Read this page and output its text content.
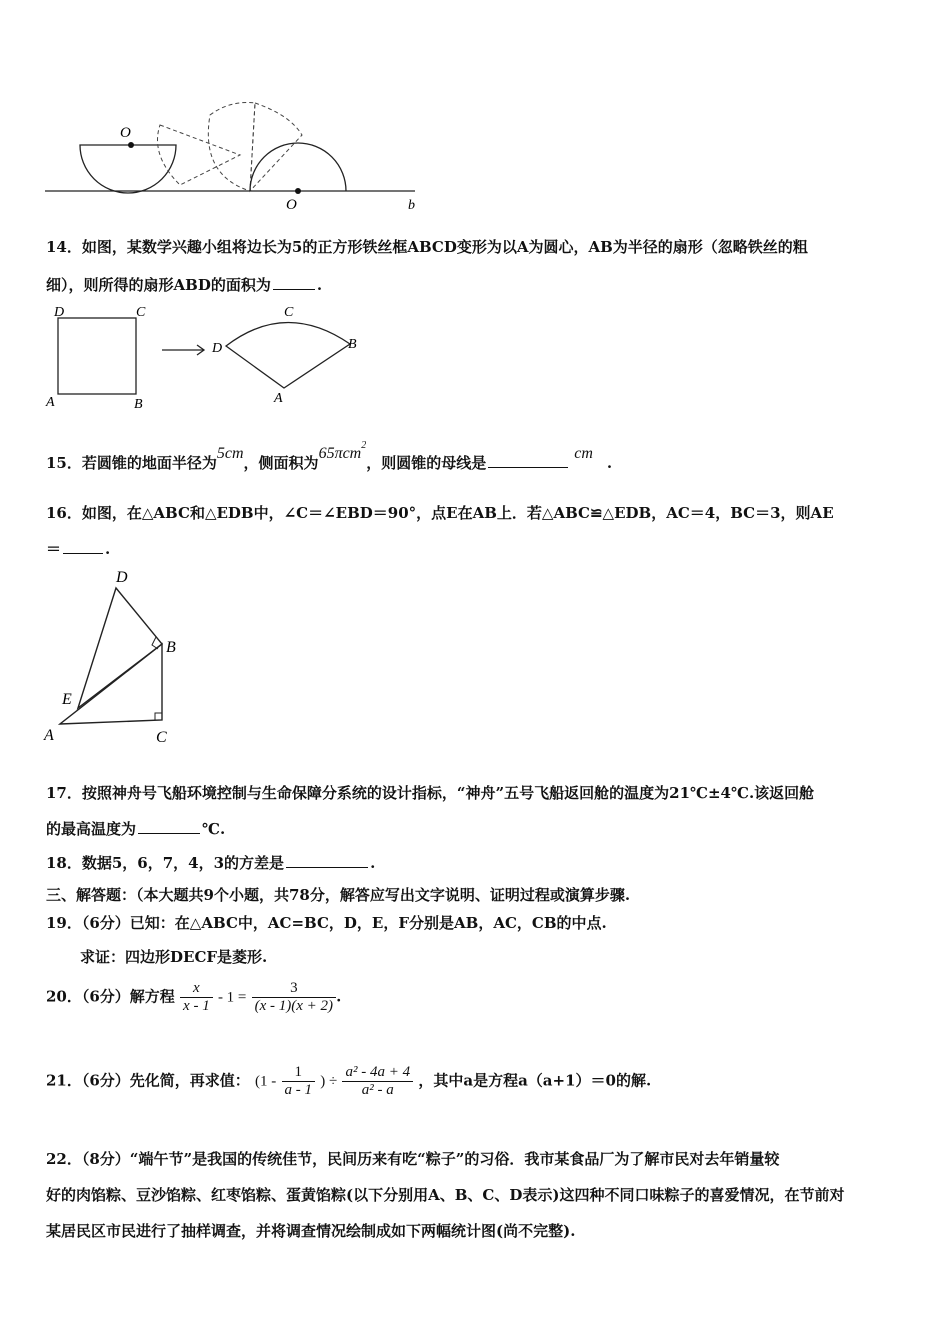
O
O	b
14．如图，某数学兴趣小组将边长为5的正方形铁丝框ABCD变形为以A为圆心，AB为半径的扇形（忽略铁丝的粗
细），则所得的扇形ABD的面积为	.
D	C
A	B
C
D	B
A
15．若圆锥的地面半径为5cm，侧面积为65πcm$^2$，则圆锥的母线是cm.
16．如图，在△ABC和△EDB中，∠C＝∠EBD＝90°，点E在AB上．若△ABC≌△EDB，AC＝4，BC＝3，则AE
＝	.
D
B
E
A	C
17．按照神舟号飞船环境控制与生命保障分系统的设计指标，“神舟”五号飞船返回舱的温度为21℃±4℃.该返回舱
的最高温度为	℃.
18．数据5，6，7，4，3的方差是	.
三、解答题：（本大题共9个小题，共78分，解答应写出文字说明、证明过程或演算步骤.
19．（6分）已知：在△ABC中，AC=BC，D，E，F分别是AB，AC，CB的中点.
求证：四边形DECF是菱形.
20．（6分）解方程 $\frac{x}{x - 1} - 1 = \frac{3}{(x - 1)(x + 2)}$ .
21．（6分）先化简，再求值： ($1 - \frac{1}{a - 1}$ ) ÷ $\frac{\text{a² - 4a + 4}}{\text{a² - a}}$ ，其中a是方程a（a+1）＝0的解.
22．（8分）“端午节”是我国的传统佳节，民间历来有吃“粽子”的习俗．我市某食品厂为了解市民对去年销量较
好的肉馅粽、豆沙馅粽、红枣馅粽、蛋黄馅粽(以下分别用A、B、C、D表示)这四种不同口味粽子的喜爱情况，在节前对
某居民区市民进行了抽样调查，并将调查情况绘制成如下两幅统计图(尚不完整).
